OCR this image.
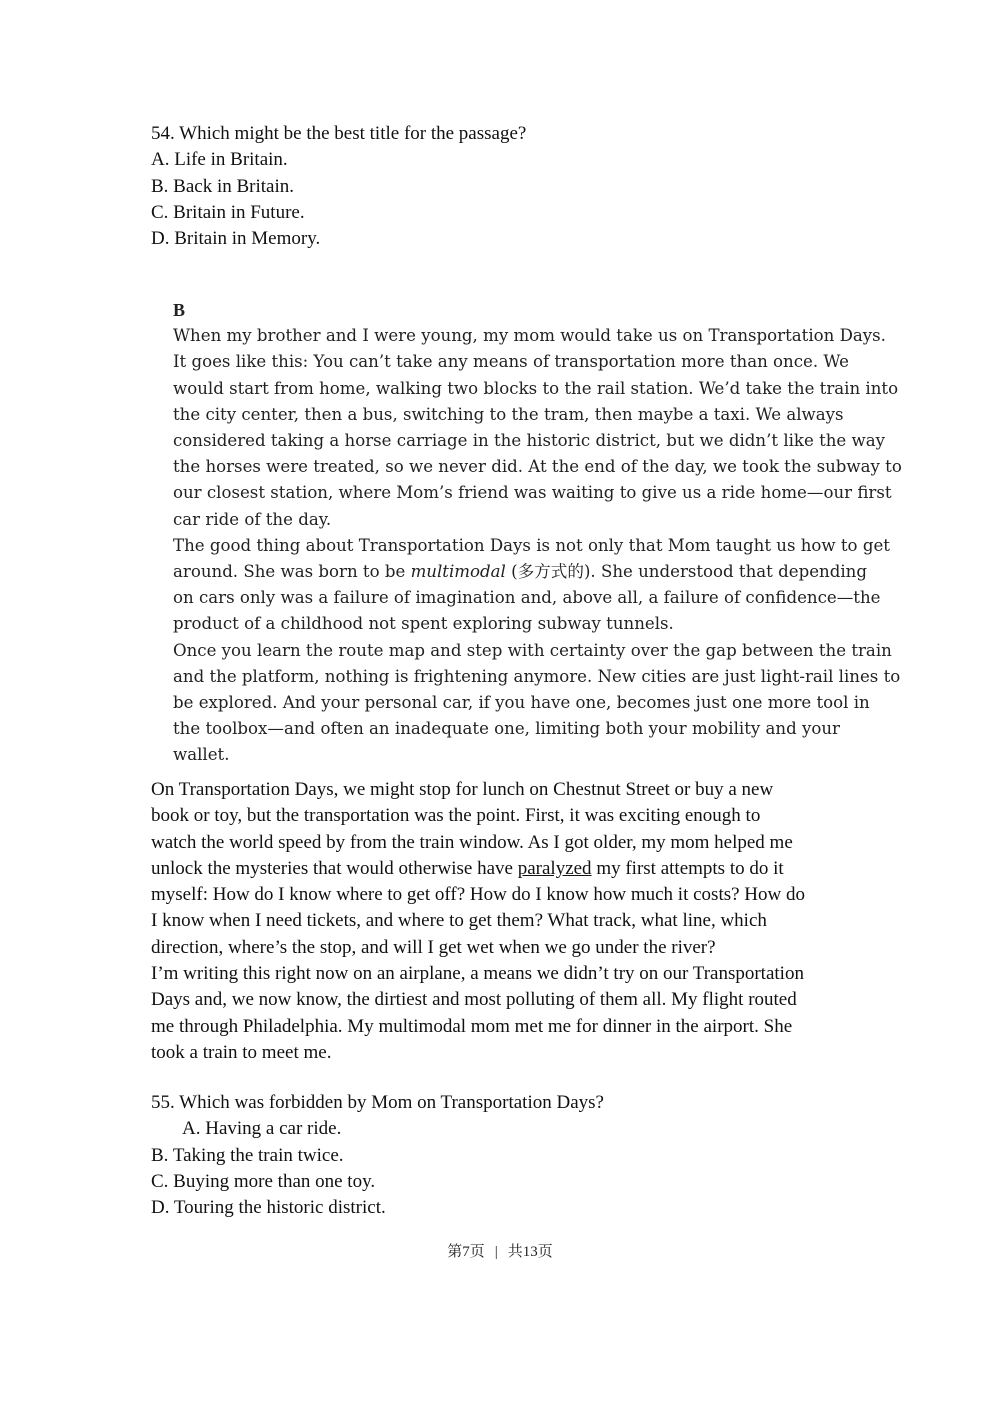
54. Which might be the best title for the passage?
A. Life in Britain.
B. Back in Britain.
C. Britain in Future.
D. Britain in Memory.
B
When my brother and I were young, my mom would take us on Transportation Days.
It goes like this: You can’t take any means of transportation more than once. We
would start from home, walking two blocks to the rail station. We’d take the train into
the city center, then a bus, switching to the tram, then maybe a taxi. We always
considered taking a horse carriage in the historic district, but we didn’t like the way
the horses were treated, so we never did. At the end of the day, we took the subway to
our closest station, where Mom’s friend was waiting to give us a ride home—our first
car ride of the day.
The good thing about Transportation Days is not only that Mom taught us how to get
around. She was born to be multimodal (多方式的). She understood that depending
on cars only was a failure of imagination and, above all, a failure of confidence—the
product of a childhood not spent exploring subway tunnels.
Once you learn the route map and step with certainty over the gap between the train
and the platform, nothing is frightening anymore. New cities are just light-rail lines to
be explored. And your personal car, if you have one, becomes just one more tool in
the toolbox—and often an inadequate one, limiting both your mobility and your
wallet.
On Transportation Days, we might stop for lunch on Chestnut Street or buy a new
book or toy, but the transportation was the point. First, it was exciting enough to
watch the world speed by from the train window. As I got older, my mom helped me
unlock the mysteries that would otherwise have paralyzed my first attempts to do it
myself: How do I know where to get off? How do I know how much it costs? How do
I know when I need tickets, and where to get them? What track, what line, which
direction, where’s the stop, and will I get wet when we go under the river?
I’m writing this right now on an airplane, a means we didn’t try on our Transportation
Days and, we now know, the dirtiest and most polluting of them all. My flight routed
me through Philadelphia. My multimodal mom met me for dinner in the airport. She
took a train to meet me.
55. Which was forbidden by Mom on Transportation Days?
A. Having a car ride.
B. Taking the train twice.
C. Buying more than one toy.
D. Touring the historic district.
第7页 | 共13页
